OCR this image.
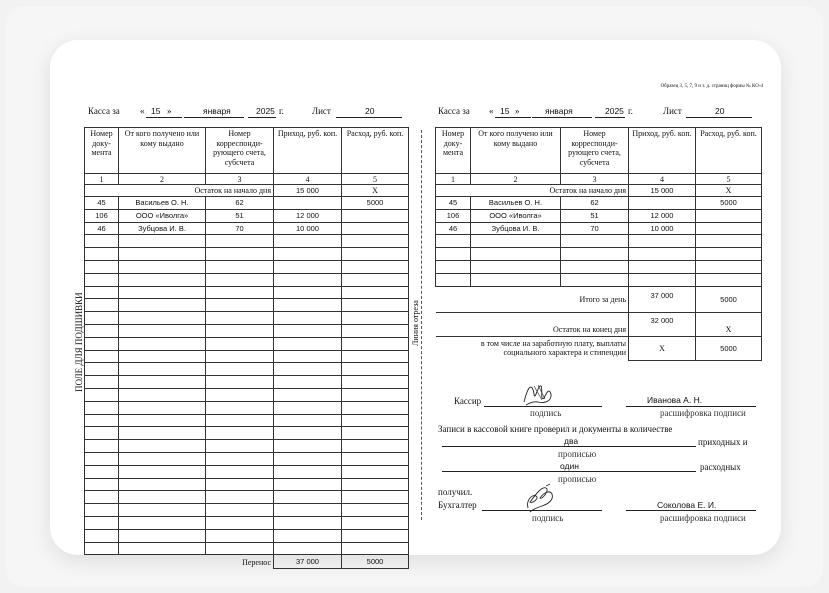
Образец 3, 5, 7, 9 и т. д. страниц формы № КО-4
Касса за « 15 »	января	2025 г.	Лист	20
ПОЛЕ ДЛЯ ПОДШИВКИ
Номер доку-мента	От кого получено или кому выдано	Номер корреспонди-рующего счета, субсчета	Приход, руб. коп.	Расход, руб. коп.
1	2	3	4	5
Остаток на начало дня			15 000	X
45	Васильев О. Н.	62		5000
106	ООО «Иволга»	51	12 000	
46	Зубцова И. В.	70	10 000	

Перенос			37 000	5000
Линия отреза
Касса за « 15 »	января	2025 г.	Лист	20
Номер доку-мента	От кого получено или кому выдано	Номер корреспонди-рующего счета, субсчета	Приход, руб. коп.	Расход, руб. коп.
1	2	3	4	5
Остаток на начало дня			15 000	X
45	Васильев О. Н.	62		5000
106	ООО «Иволга»	51	12 000	
46	Зубцова И. В.	70	10 000	

Итого за день			37 000	5000
Остаток на конец дня			32 000	X
в том числе на заработную плату, выплаты социального характера и стипендии			X	5000
Кассир
подпись
Иванова А. Н.
расшифровка подписи
Записи в кассовой книге проверил и документы в количестве
два	приходных и
прописью
один	расходных
прописью
получил.
Бухгалтер
подпись
Соколова Е. И.
расшифровка подписи
